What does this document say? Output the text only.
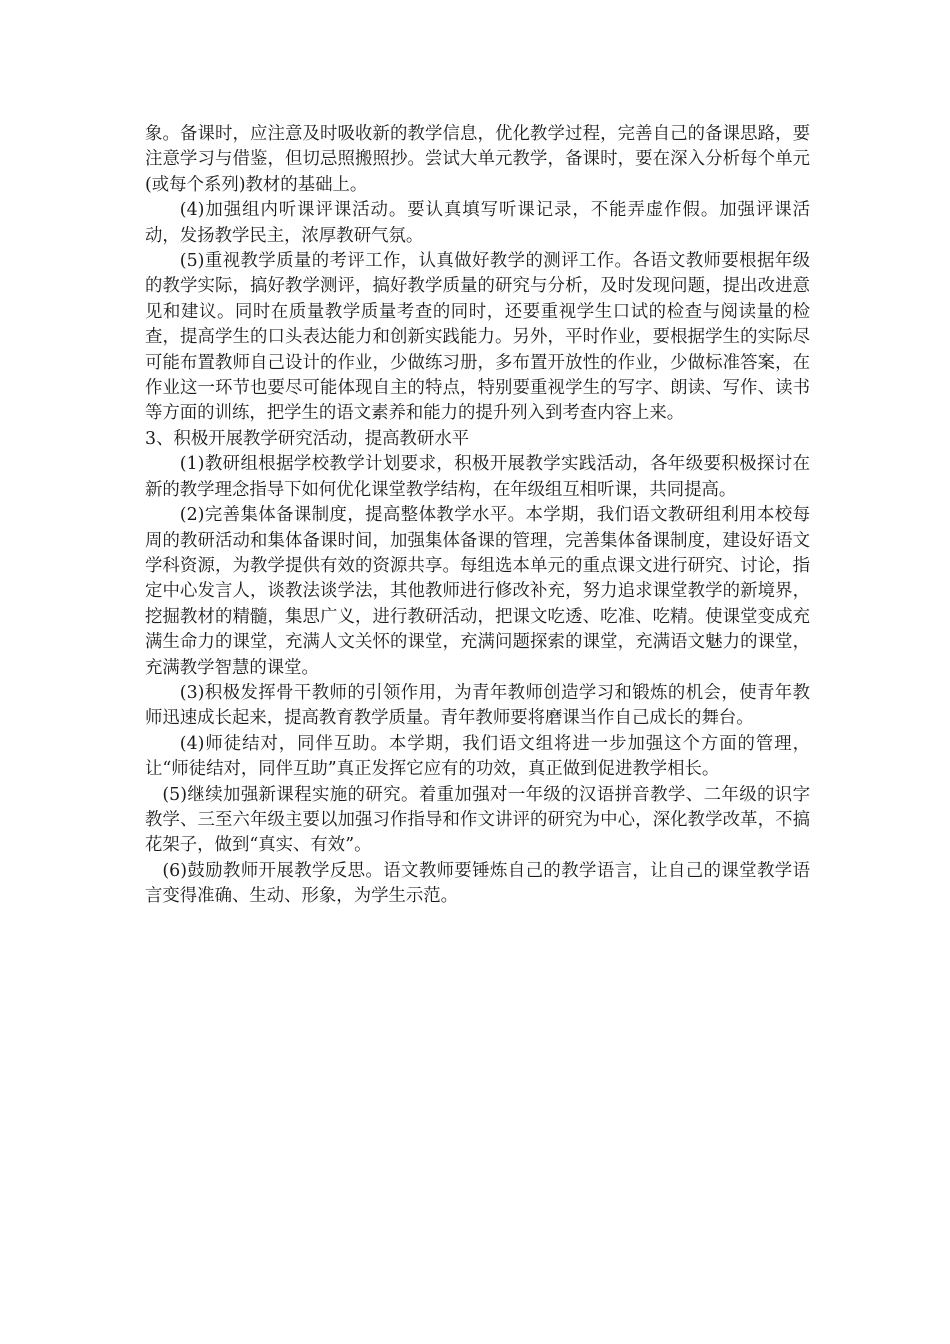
象。备课时，应注意及时吸收新的教学信息，优化教学过程，完善自己的备课思路，要注意学习与借鉴，但切忌照搬照抄。尝试大单元教学，备课时，要在深入分析每个单元(或每个系列)教材的基础上。

(4)加强组内听课评课活动。要认真填写听课记录，不能弄虚作假。加强评课活动，发扬教学民主，浓厚教研气氛。

(5)重视教学质量的考评工作，认真做好教学的测评工作。各语文教师要根据年级的教学实际，搞好教学测评，搞好教学质量的研究与分析，及时发现问题，提出改进意见和建议。同时在质量教学质量考查的同时，还要重视学生口试的检查与阅读量的检查，提高学生的口头表达能力和创新实践能力。另外，平时作业，要根据学生的实际尽可能布置教师自己设计的作业，少做练习册，多布置开放性的作业，少做标准答案，在作业这一环节也要尽可能体现自主的特点，特别要重视学生的写字、朗读、写作、读书等方面的训练，把学生的语文素养和能力的提升列入到考查内容上来。

3、积极开展教学研究活动，提高教研水平

(1)教研组根据学校教学计划要求，积极开展教学实践活动，各年级要积极探讨在新的教学理念指导下如何优化课堂教学结构，在年级组互相听课，共同提高。

(2)完善集体备课制度，提高整体教学水平。本学期，我们语文教研组利用本校每周的教研活动和集体备课时间，加强集体备课的管理，完善集体备课制度，建设好语文学科资源，为教学提供有效的资源共享。每组选本单元的重点课文进行研究、讨论，指定中心发言人，谈教法谈学法，其他教师进行修改补充，努力追求课堂教学的新境界，挖掘教材的精髓，集思广义，进行教研活动，把课文吃透、吃准、吃精。使课堂变成充满生命力的课堂，充满人文关怀的课堂，充满问题探索的课堂，充满语文魅力的课堂，充满教学智慧的课堂。

(3)积极发挥骨干教师的引领作用，为青年教师创造学习和锻炼的机会，使青年教师迅速成长起来，提高教育教学质量。青年教师要将磨课当作自己成长的舞台。

(4)师徒结对，同伴互助。本学期，我们语文组将进一步加强这个方面的管理，让“师徒结对，同伴互助”真正发挥它应有的功效，真正做到促进教学相长。

(5)继续加强新课程实施的研究。着重加强对一年级的汉语拼音教学、二年级的识字教学、三至六年级主要以加强习作指导和作文讲评的研究为中心，深化教学改革，不搞花架子，做到“真实、有效”。

(6)鼓励教师开展教学反思。语文教师要锤炼自己的教学语言，让自己的课堂教学语言变得准确、生动、形象，为学生示范。
